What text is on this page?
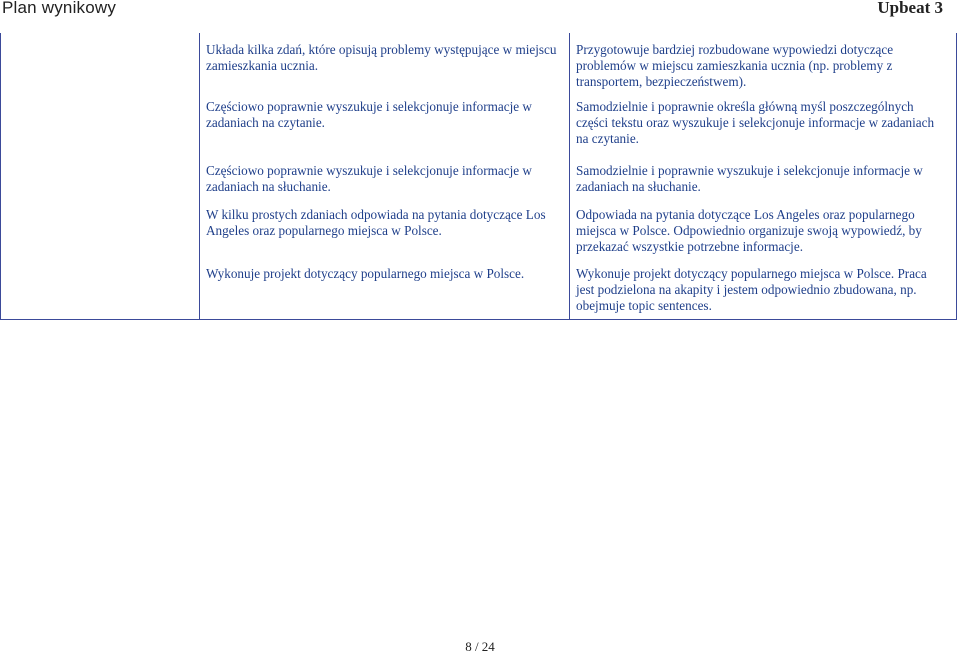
Plan wynikowy	Upbeat 3

Układa kilka zdań, które opisują problemy występujące w miejscu zamieszkania ucznia.

Częściowo poprawnie wyszukuje i selekcjonuje informacje w zadaniach na czytanie.

Częściowo poprawnie wyszukuje i selekcjonuje informacje w zadaniach na słuchanie.

W kilku prostych zdaniach odpowiada na pytania dotyczące Los Angeles oraz popularnego miejsca w Polsce.

Wykonuje projekt dotyczący popularnego miejsca w Polsce.

Przygotowuje bardziej rozbudowane wypowiedzi dotyczące problemów w miejscu zamieszkania ucznia (np. problemy z transportem, bezpieczeństwem).

Samodzielnie i poprawnie określa główną myśl poszczególnych części tekstu oraz wyszukuje i selekcjonuje informacje w zadaniach na czytanie.

Samodzielnie i poprawnie wyszukuje i selekcjonuje informacje w zadaniach na słuchanie.

Odpowiada na pytania dotyczące Los Angeles oraz popularnego miejsca w Polsce. Odpowiednio organizuje swoją wypowiedź, by przekazać wszystkie potrzebne informacje.

Wykonuje projekt dotyczący popularnego miejsca w Polsce. Praca jest podzielona na akapity i jestem odpowiednio zbudowana, np. obejmuje topic sentences.

8 / 24
